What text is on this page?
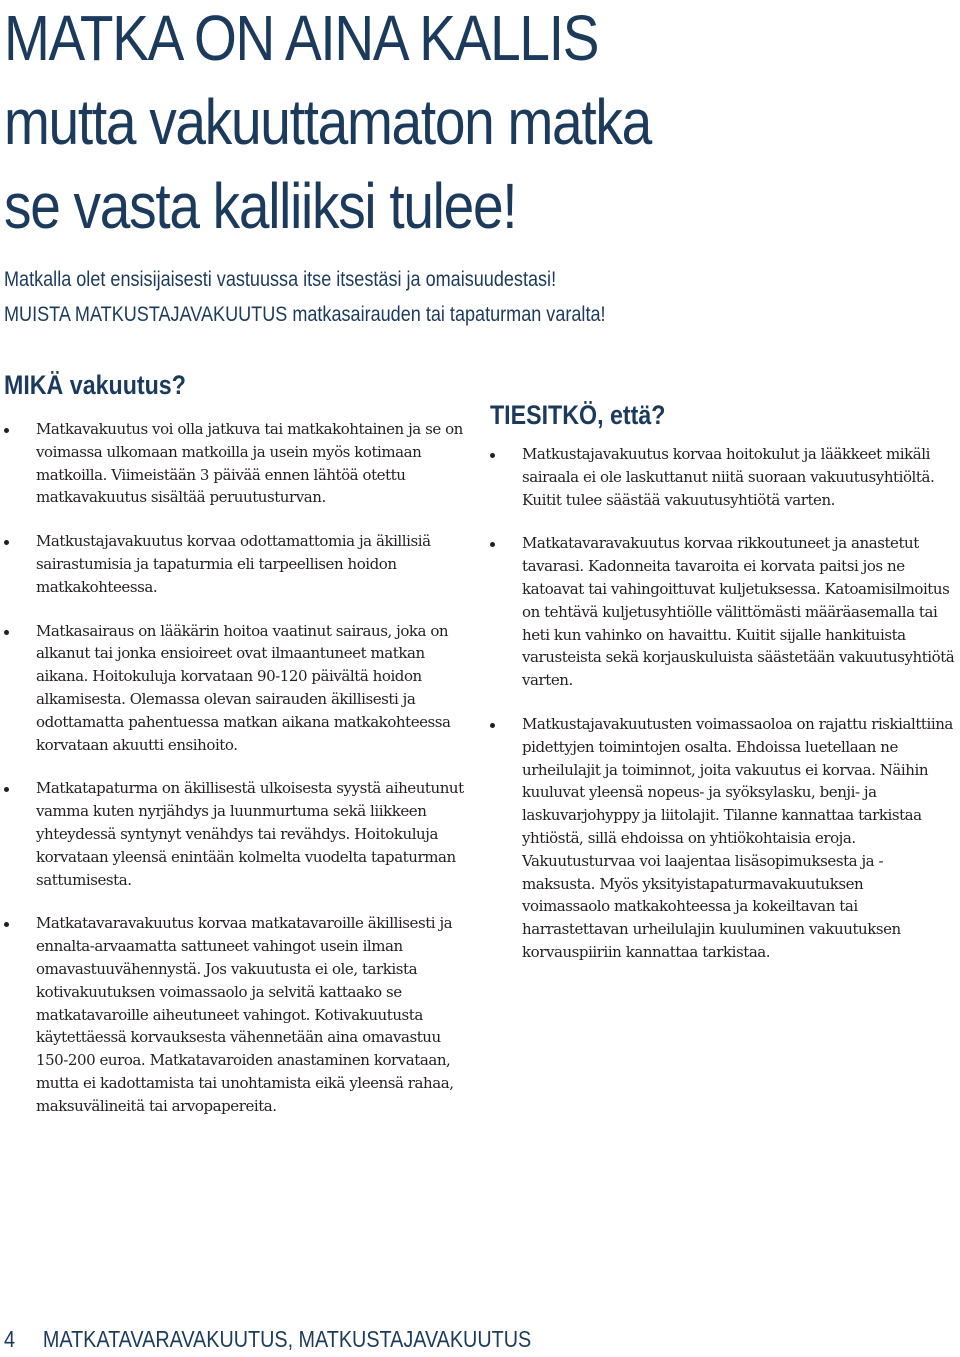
MATKA ON AINA KALLIS
mutta vakuuttamaton matka
se vasta kalliiksi tulee!
Matkalla olet ensisijaisesti vastuussa itse itsestäsi ja omaisuudestasi!
MUISTA MATKUSTAJAVAKUUTUS matkasairauden tai tapaturman varalta!
MIKÄ vakuutus?
Matkavakuutus voi olla jatkuva tai matkakohtainen ja se on voimassa ulkomaan matkoilla ja usein myös kotimaan matkoilla. Viimeistään 3 päivää ennen lähtöä otettu matkavakuutus sisältää peruutusturvan.
Matkustajavakuutus korvaa odottamattomia ja äkillisiä sairastumisia ja tapaturmia eli tarpeellisen hoidon matkakohteessa.
Matkasairaus on lääkärin hoitoa vaatinut sairaus, joka on alkanut tai jonka ensioireet ovat ilmaantuneet matkan aikana. Hoitokuluja korvataan 90-120 päivältä hoidon alkamisesta. Olemassa olevan sairauden äkillisesti ja odottamatta pahentuessa matkan aikana matkakohteessa korvataan akuutti ensihoito.
Matkatapaturma on äkillisestä ulkoisesta syystä aiheutunut vamma kuten nyrjähdys ja luunmurtuma sekä liikkeen yhteydessä syntynyt venähdys tai revähdys. Hoitokuluja korvataan yleensä enintään kolmelta vuodelta tapaturman sattumisesta.
Matkatavaravakuutus korvaa matkatavaroille äkillisesti ja ennalta-arvaamatta sattuneet vahingot usein ilman omavastuuvähennystä. Jos vakuutusta ei ole, tarkista kotivakuutuksen voimassaolo ja selvitä kattaako se matkatavaroille aiheutuneet vahingot. Kotivakuutusta käytettäessä korvauksesta vähennetään aina omavastuu 150-200 euroa. Matkatavaroiden anastaminen korvataan, mutta ei kadottamista tai unohtamista eikä yleensä rahaa, maksuvälineitä tai arvopapereita.
TIESITKÖ, että?
Matkustajavakuutus korvaa hoitokulut ja lääkkeet mikäli sairaala ei ole laskuttanut niitä suoraan vakuutusyhtiöltä. Kuitit tulee säästää vakuutusyhtiötä varten.
Matkatavaravakuutus korvaa rikkoutuneet ja anastetut tavarasi. Kadonneita tavaroita ei korvata paitsi jos ne katoavat tai vahingoittuvat kuljetuksessa. Katoamisilmoitus on tehtävä kuljetusyhtiölle välittömästi määräasemalla tai heti kun vahinko on havaittu. Kuitit sijalle hankituista varusteista sekä korjauskuluista säästetään vakuutusyhtiötä varten.
Matkustajavakuutusten voimassaoloa on rajattu riskialttiina pidettyjen toimintojen osalta. Ehdoissa luetellaan ne urheilulajit ja toiminnot, joita vakuutus ei korvaa. Näihin kuuluvat yleensä nopeus- ja syöksylasku, benji- ja laskuvarjohyppy ja liitolajit. Tilanne kannattaa tarkistaa yhtiöstä, sillä ehdoissa on yhtiökohtaisia eroja. Vakuutusturvaa voi laajentaa lisäsopimuksesta ja -maksusta. Myös yksityistapaturmavakuutuksen voimassaolo matkakohteessa ja kokeiltavan tai harrastettavan urheilulajin kuuluminen vakuutuksen korvauspiiriin kannattaa tarkistaa.
4 MATKATAVARAVAKUUTUS, MATKUSTAJAVAKUUTUS
